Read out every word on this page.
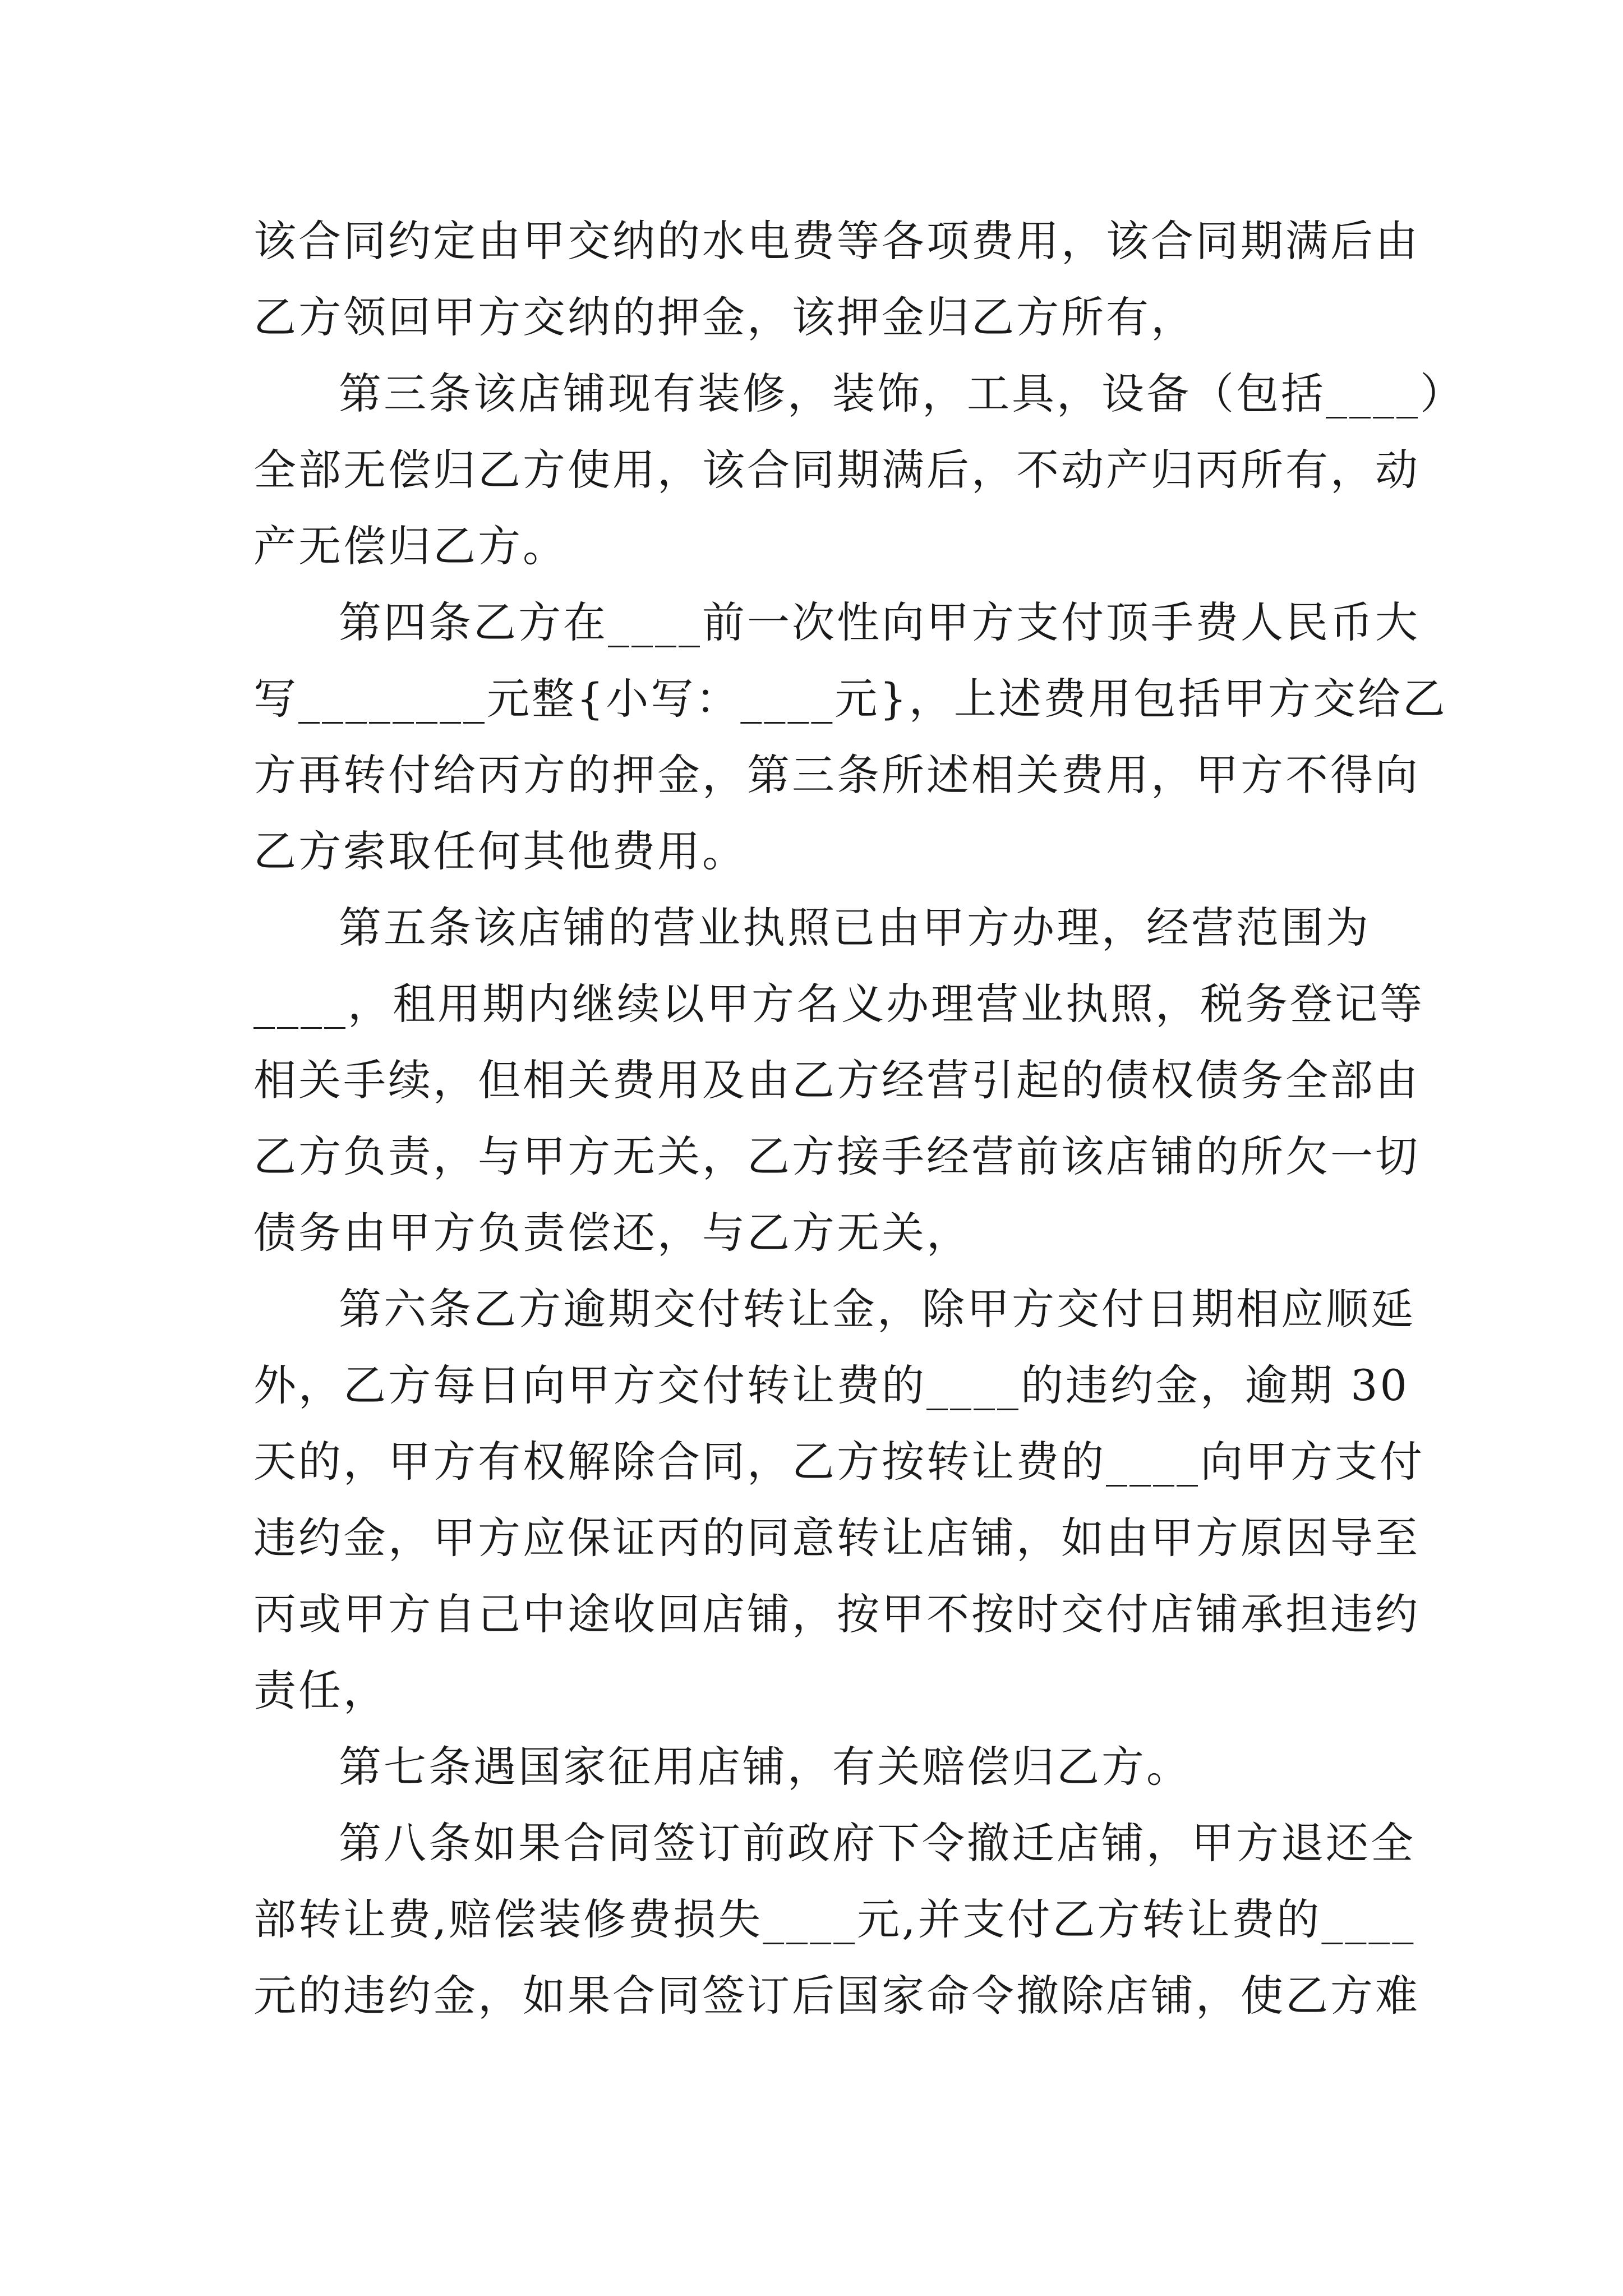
该合同约定由甲交纳的水电费等各项费用，该合同期满后由
乙方领回甲方交纳的押金，该押金归乙方所有，
第三条该店铺现有装修，装饰，工具，设备（包括____）
全部无偿归乙方使用，该合同期满后，不动产归丙所有，动
产无偿归乙方。
第四条乙方在____前一次性向甲方支付顶手费人民币大
写________元整{小写：____元}，上述费用包括甲方交给乙
方再转付给丙方的押金，第三条所述相关费用，甲方不得向
乙方索取任何其他费用。
第五条该店铺的营业执照已由甲方办理，经营范围为
____，租用期内继续以甲方名义办理营业执照，税务登记等
相关手续，但相关费用及由乙方经营引起的债权债务全部由
乙方负责，与甲方无关，乙方接手经营前该店铺的所欠一切
债务由甲方负责偿还，与乙方无关，
第六条乙方逾期交付转让金，除甲方交付日期相应顺延
外，乙方每日向甲方交付转让费的____的违约金，逾期 30
天的，甲方有权解除合同，乙方按转让费的____向甲方支付
违约金，甲方应保证丙的同意转让店铺，如由甲方原因导至
丙或甲方自己中途收回店铺，按甲不按时交付店铺承担违约
责任，
第七条遇国家征用店铺，有关赔偿归乙方。
第八条如果合同签订前政府下令撤迁店铺，甲方退还全
部转让费,赔偿装修费损失____元,并支付乙方转让费的____
元的违约金，如果合同签订后国家命令撤除店铺，使乙方难
